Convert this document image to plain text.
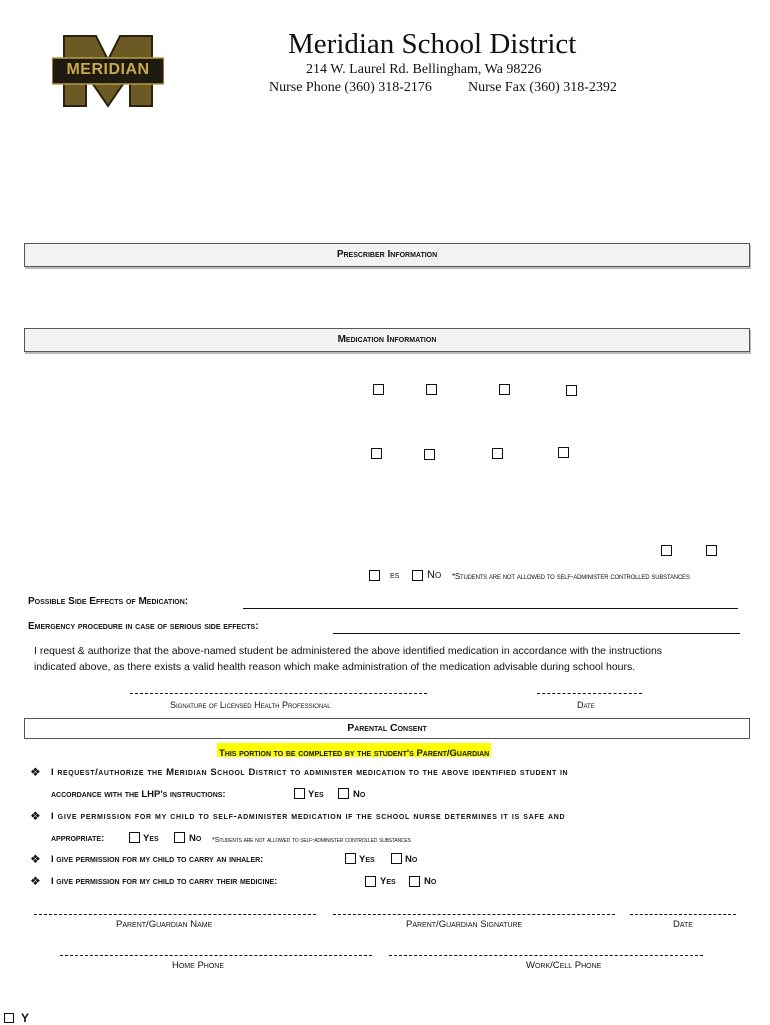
MERIDIAN
Meridian School District
214 W. Laurel Rd. Bellingham, Wa 98226
Nurse Phone (360) 318-2176	Nurse Fax (360) 318-2392
Prescriber Information
Medication Information
es	No *Students are not allowed to self-administer controlled substances
Possible Side Effects of Medication:
Emergency procedure in case of serious side effects:
I request & authorize that the above-named student be administered the above identified medication in accordance with the instructions
indicated above, as there exists a valid health reason which make administration of the medication advisable during school hours.
Signature of Licensed Health Professional	Date
Parental Consent
This portion to be completed by the student's Parent/Guardian
❖ I request/authorize the Meridian School District to administer medication to the above identified student in
accordance with the LHP's instructions:	Yes	No
❖ I give permission for my child to self-administer medication if the school nurse determines it is safe and
appropriate:	Yes	No *Students are not allowed to self-administer controlled substances
❖ I give permission for my child to carry an inhaler:	Yes	No
❖ I give permission for my child to carry their medicine:	Yes	No
Parent/Guardian Name	Parent/Guardian Signature	Date
Home Phone	Work/Cell Phone
Y
